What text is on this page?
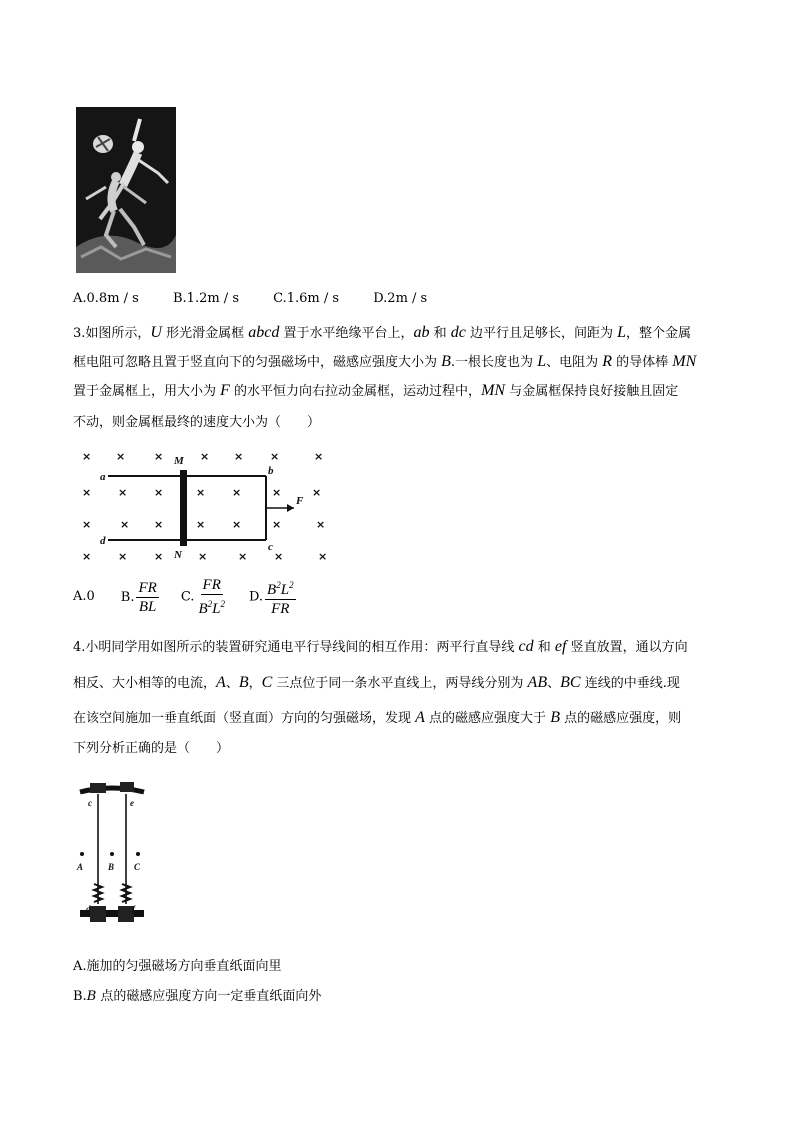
A.0.8m / s	B.1.2m / s	C.1.6m / s	D.2m / s
3.如图所示，U 形光滑金属框 abcd 置于水平绝缘平台上，ab 和 dc 边平行且足够长，间距为 L，整个金属
框电阻可忽略且置于竖直向下的匀强磁场中，磁感应强度大小为 B.一根长度也为 L、电阻为 R 的导体棒 MN
置于金属框上，用大小为 F 的水平恒力向右拉动金属框，运动过程中，MN 与金属框保持良好接触且固定
不动，则金属框最终的速度大小为（　　）
× ×	×	× × ×	×
× × ×	× ×	×	×
×	× ×	× ×	×	×
× × ×	×	× ×	×
a	b
c
d
M
N
F
A.0 B. $\frac{FR}{BL} C$. $\frac{FR}{B^2L^2} D$. $\frac{B^2L^2}{FR}$
4.小明同学用如图所示的装置研究通电平行导线间的相互作用：两平行直导线 cd 和 ef 竖直放置，通以方向
相反、大小相等的电流，A、B，C 三点位于同一条水平直线上，两导线分别为 AB、BC 连线的中垂线.现
在该空间施加一垂直纸面（竖直面）方向的匀强磁场，发现 A 点的磁感应强度大于 B 点的磁感应强度，则
下列分析正确的是（　　）
A	B C
c
d
e
f
A.施加的匀强磁场方向垂直纸面向里
B.B 点的磁感应强度方向一定垂直纸面向外
